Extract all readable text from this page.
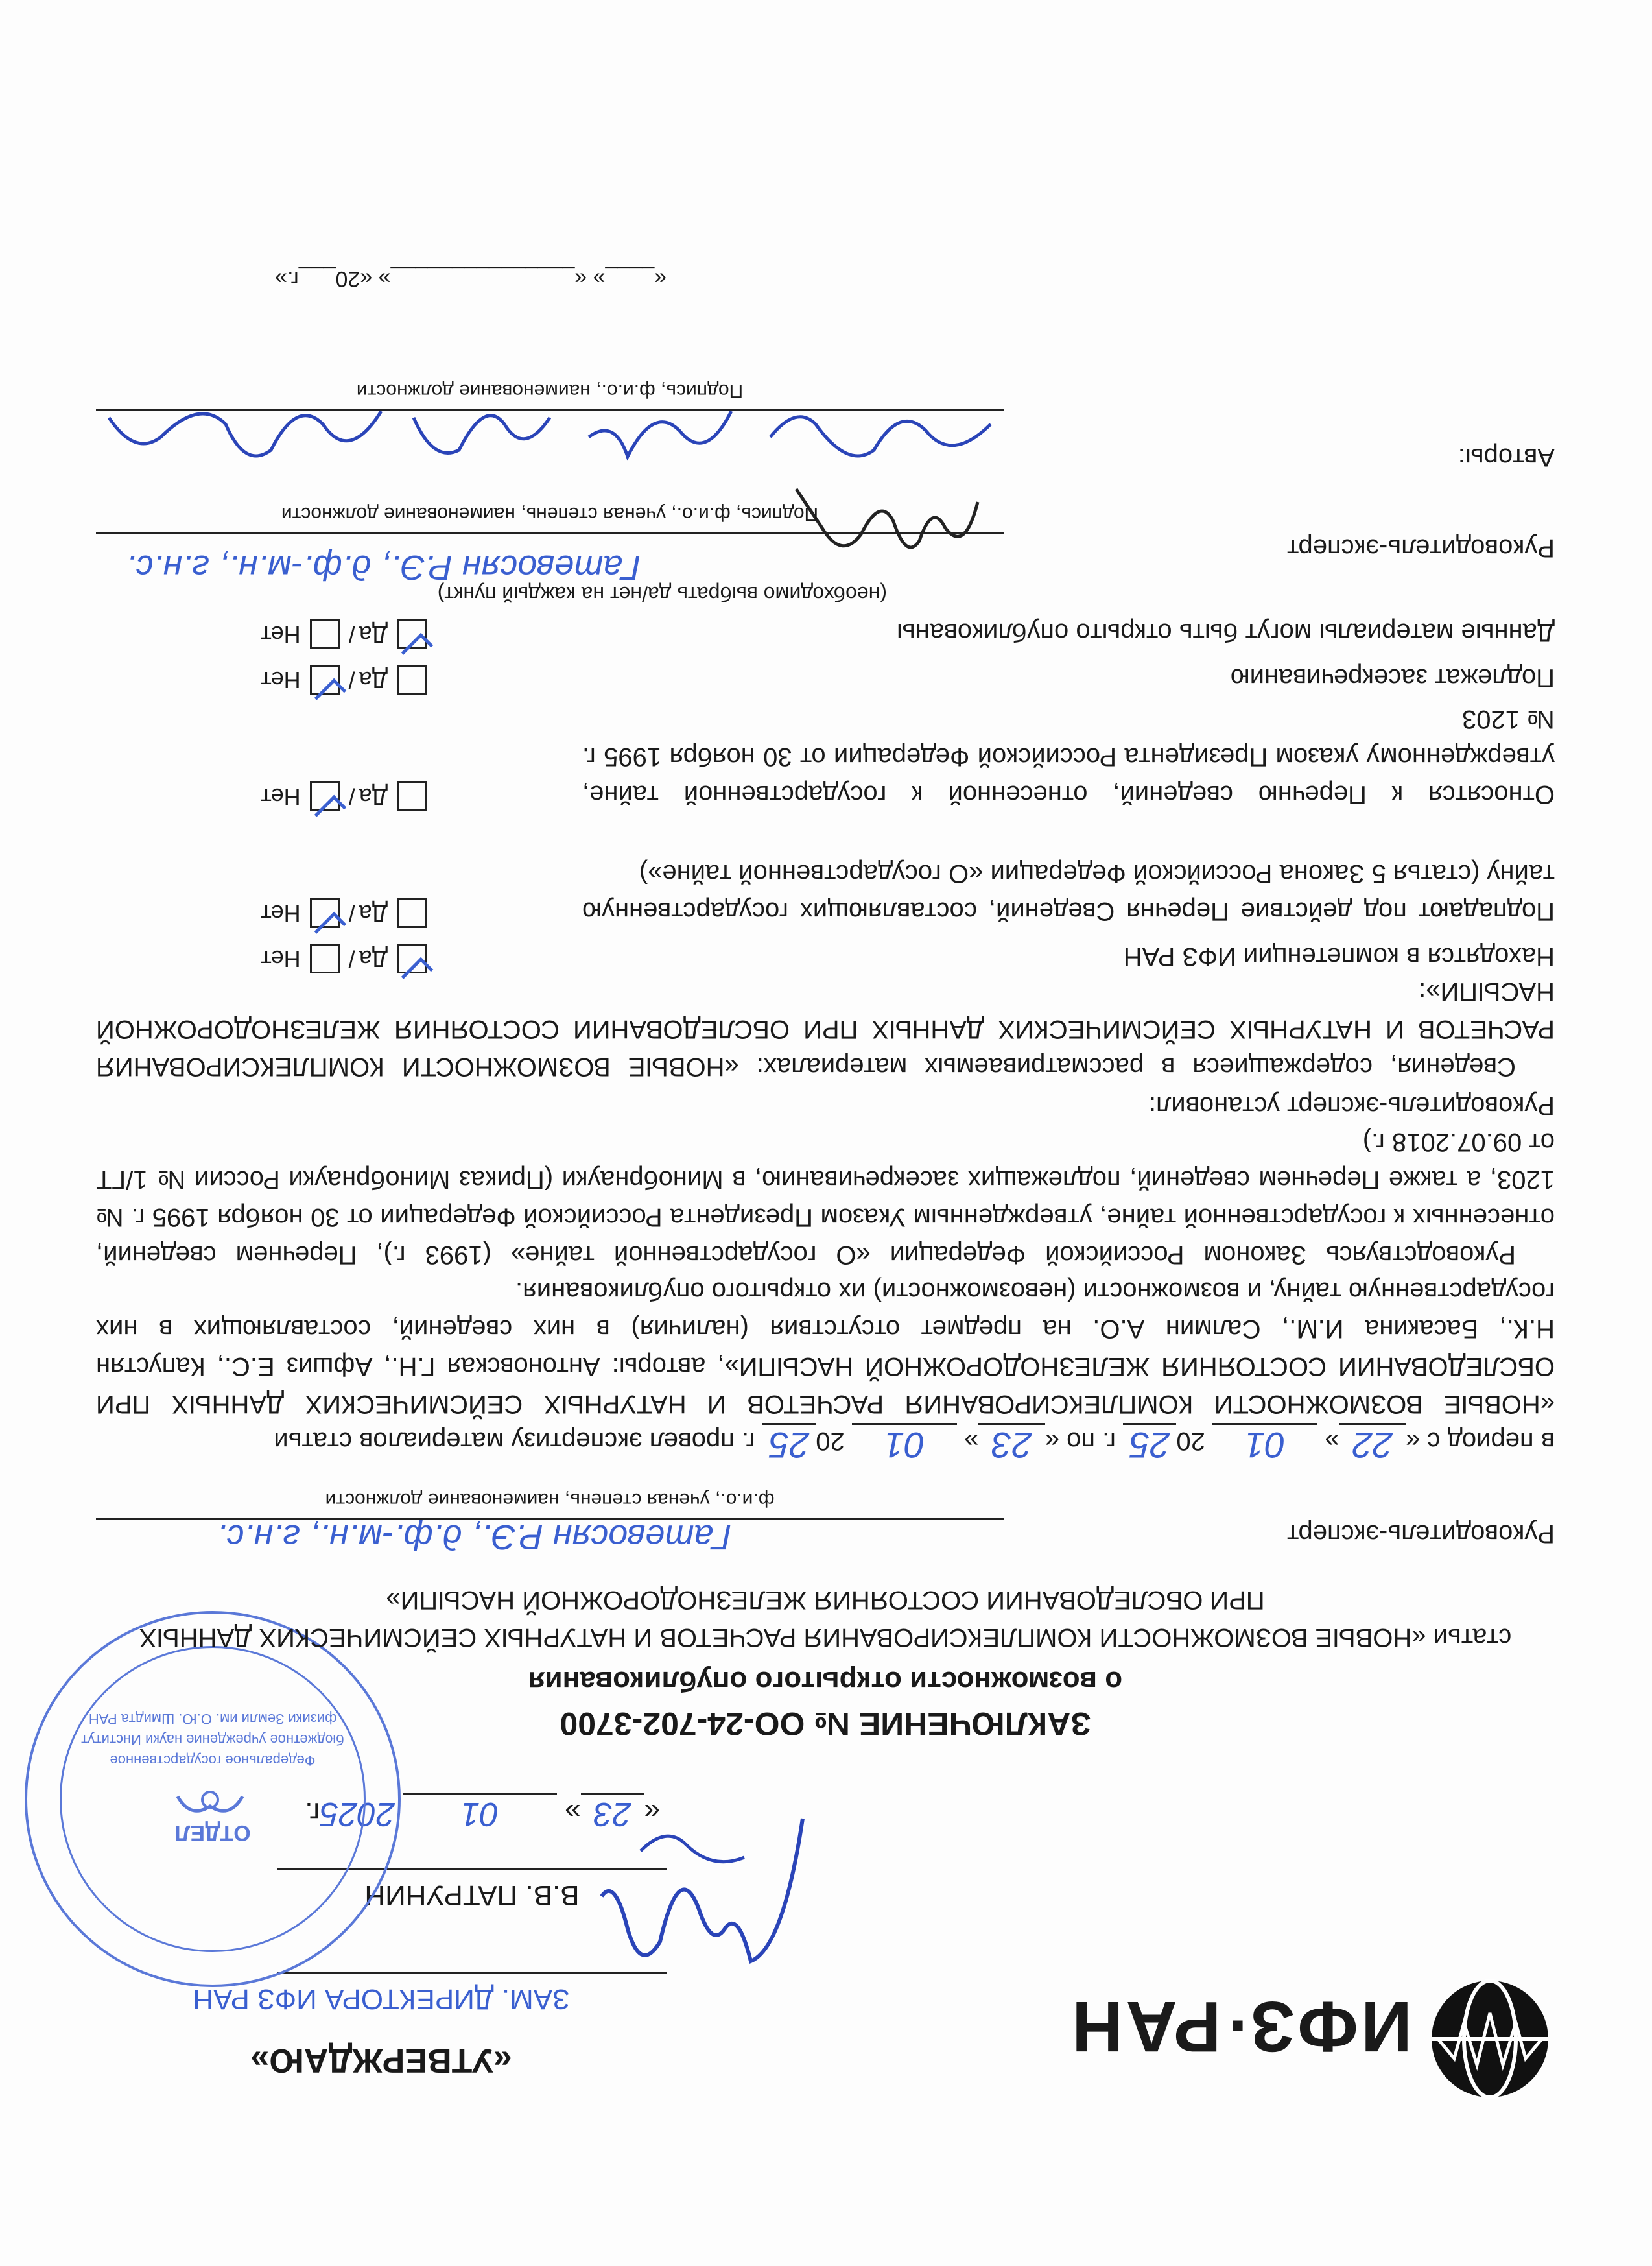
ИФЗ·РАН
«УТВЕРЖДАЮ»
ЗАМ. ДИРЕКТОРА ИФЗ РАН
В.В. ПАТРУНИН
«23» 01 2025г.
ОТДЕЛ
Федеральное государственное бюджетное учреждение науки Институт физики Земли им. О.Ю. Шмидта РАН	ЗАКЛЮЧЕНИЕ № ОО-24-702-3700
о возможности открытого опубликования
статьи «НОВЫЕ ВОЗМОЖНОСТИ КОМПЛЕКСИРОВАНИЯ РАСЧЕТОВ И НАТУРНЫХ СЕЙСМИЧЕСКИХ ДАННЫХ
ПРИ ОБСЛЕДОВАНИИ СОСТОЯНИЯ ЖЕЛЕЗНОДОРОЖНОЙ НАСЫПИ»
Руководитель-эксперт
Гатевосян Р.Э., д.ф.-м.н., г.н.с.
ф.и.о., ученая степень, наименование должности
в период с «22» 01 2025 г. по «23» 01 2025 г. провел экспертизу материалов статьи
«НОВЫЕ ВОЗМОЖНОСТИ КОМПЛЕКСИРОВАНИЯ РАСЧЕТОВ И НАТУРНЫХ СЕЙСМИЧЕСКИХ ДАННЫХ ПРИ ОБСЛЕДОВАНИИ СОСТОЯНИЯ ЖЕЛЕЗНОДОРОЖНОЙ НАСЫПИ», авторы: Антоновская Г.Н., Афшиз Е.С., Капустян Н.К., Басакина И.М., Салмин А.О. на предмет отсутствия (наличия) в них сведений, составляющих в них государственную тайну, и возможности (невозможности) их открытого опубликования.
Руководствуясь Законом Российской Федерации «О государственной тайне» (1993 г.), Перечнем сведений, отнесенных к государственной тайне, утвержденным Указом Президента Российской Федерации от 30 ноября 1995 г. № 1203, а также Перечнем сведений, подлежащих засекречиванию, в Минобрнауки (Приказ Минобрнауки России № 1/ГТ от 09.07.2018 г.)
Руководитель-эксперт установил:
Сведения, содержащиеся в рассматриваемых материалах: «НОВЫЕ ВОЗМОЖНОСТИ КОМПЛЕКСИРОВАНИЯ РАСЧЕТОВ И НАТУРНЫХ СЕЙСМИЧЕСКИХ ДАННЫХ ПРИ ОБСЛЕДОВАНИИ СОСТОЯНИЯ ЖЕЛЕЗНОДОРОЖНОЙ НАСЫПИ»:
Находятся в компетенции ИФЗ РАН
Да
/
Нет
Подпадают под действие Перечня Сведений, составляющих государственную тайну (статья 5 Закона Российской Федерации «О государственной тайне»)
Да
/
Нет
Относятся к Перечню сведений, отнесенной к государственной тайне, утвержденному указом Президента Российской Федерации от 30 ноября 1995 г. № 1203
Да
/
Нет
Подлежат засекречиванию
Да
/
Нет
Данные материалы могут быть открыто опубликованы
Да
/
Нет
(необходимо выбрать да/нет на каждый пункт)
Руководитель-эксперт
Гатевосян Р.Э., д.ф.-м.н., г.н.с.
Подпись, ф.и.о., ученая степень, наименование должности
Авторы:
Подпись, ф.и.о., наименование должности
«____» «_______________» «20___г.»
